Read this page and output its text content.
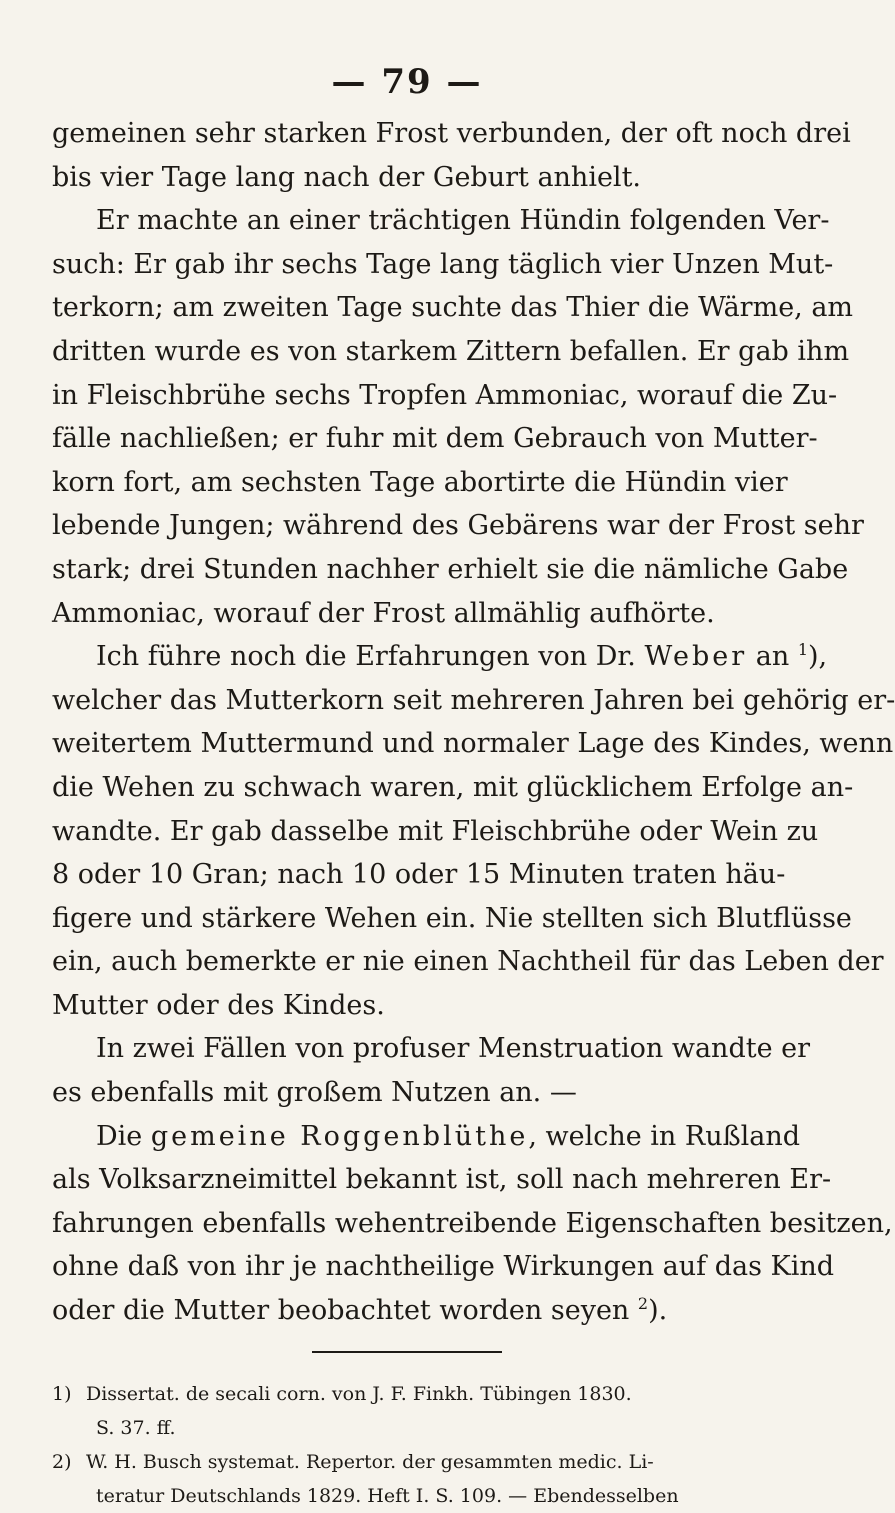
— 79 —
gemeinen sehr starken Frost verbunden, der oft noch drei
bis vier Tage lang nach der Geburt anhielt.
Er machte an einer trächtigen Hündin folgenden Ver-
such: Er gab ihr sechs Tage lang täglich vier Unzen Mut-
terkorn; am zweiten Tage suchte das Thier die Wärme, am
dritten wurde es von starkem Zittern befallen. Er gab ihm
in Fleischbrühe sechs Tropfen Ammoniac, worauf die Zu-
fälle nachließen; er fuhr mit dem Gebrauch von Mutter-
korn fort, am sechsten Tage abortirte die Hündin vier
lebende Jungen; während des Gebärens war der Frost sehr
stark; drei Stunden nachher erhielt sie die nämliche Gabe
Ammoniac, worauf der Frost allmählig aufhörte.
Ich führe noch die Erfahrungen von Dr. Weber an $^1$),
welcher das Mutterkorn seit mehreren Jahren bei gehörig er-
weitertem Muttermund und normaler Lage des Kindes, wenn
die Wehen zu schwach waren, mit glücklichem Erfolge an-
wandte. Er gab dasselbe mit Fleischbrühe oder Wein zu
8 oder 10 Gran; nach 10 oder 15 Minuten traten häu-
figere und stärkere Wehen ein. Nie stellten sich Blutflüsse
ein, auch bemerkte er nie einen Nachtheil für das Leben der
Mutter oder des Kindes.
In zwei Fällen von profuser Menstruation wandte er
es ebenfalls mit großem Nutzen an. —
Die gemeine Roggenblüthe, welche in Rußland
als Volksarzneimittel bekannt ist, soll nach mehreren Er-
fahrungen ebenfalls wehentreibende Eigenschaften besitzen,
ohne daß von ihr je nachtheilige Wirkungen auf das Kind
oder die Mutter beobachtet worden seyen $^2$).
1) Dissertat. de secali corn. von J. F. Finkh. Tübingen 1830.
S. 37. ff.
2) W. H. Busch systemat. Repertor. der gesammten medic. Li-
teratur Deutschlands 1829. Heft I. S. 109. — Ebendesselben
